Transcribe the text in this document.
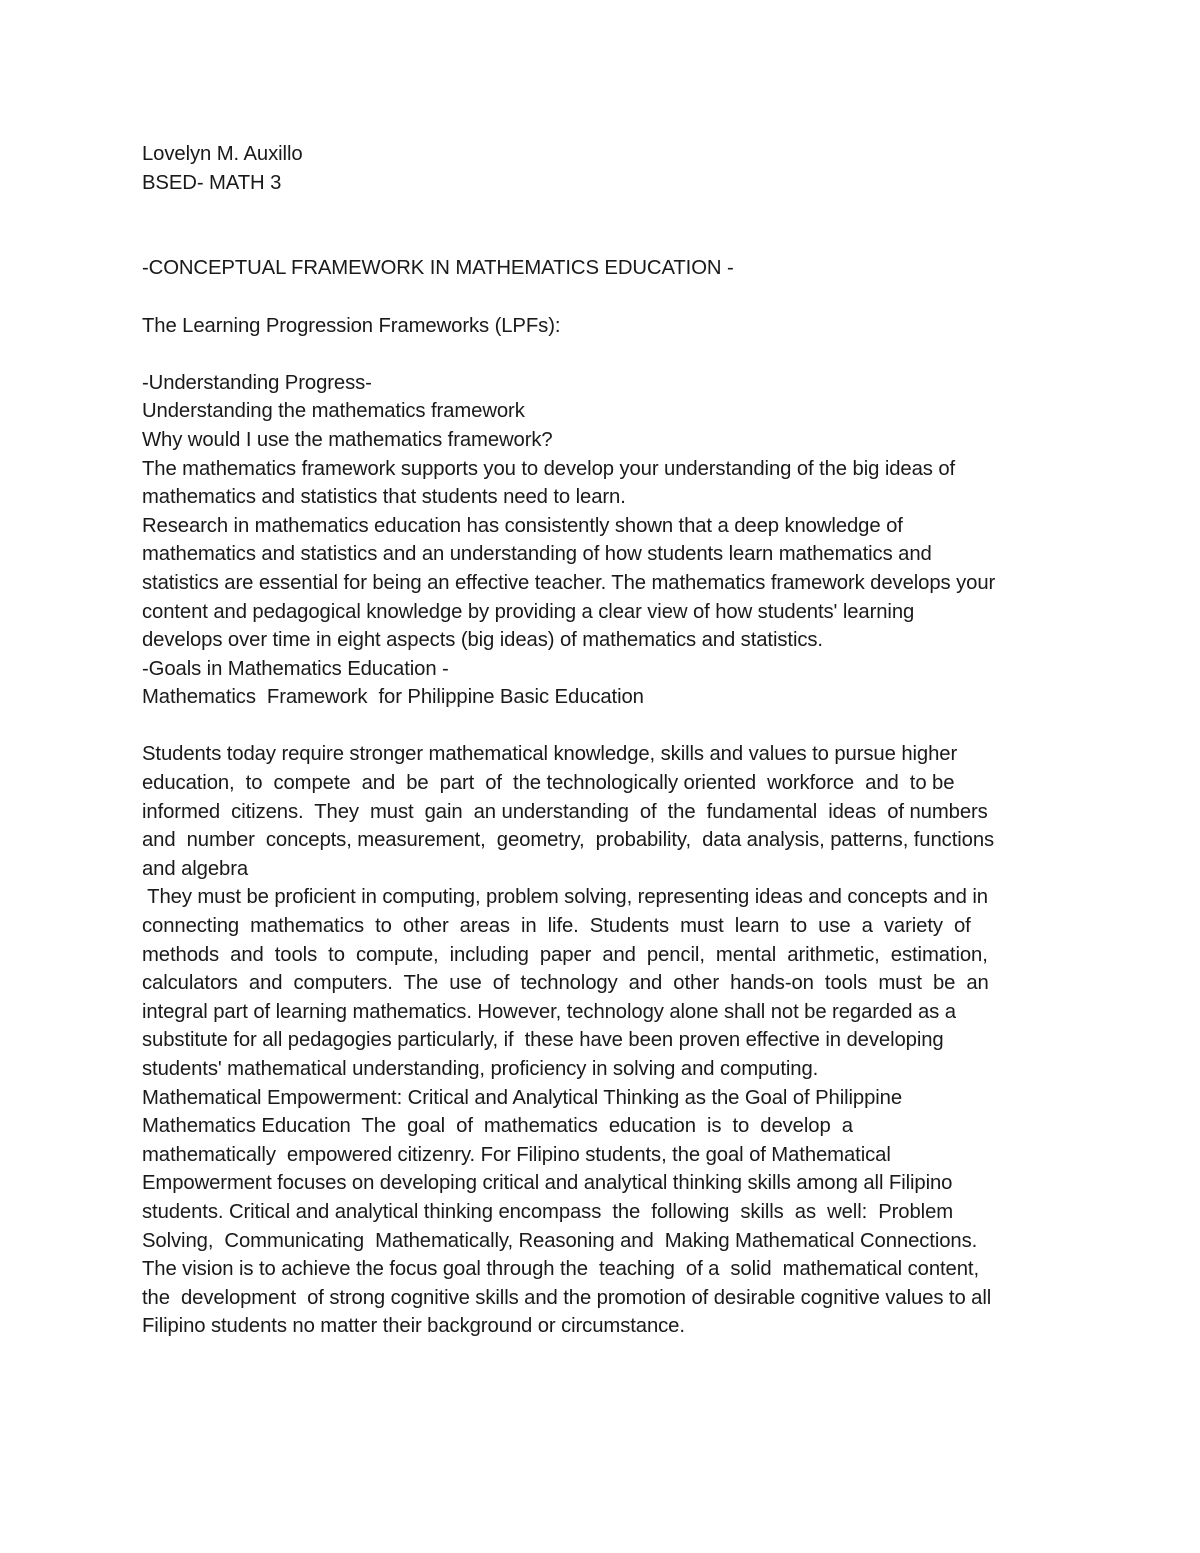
Lovelyn M. Auxillo
BSED- MATH 3
-CONCEPTUAL FRAMEWORK IN MATHEMATICS EDUCATION -
The Learning Progression Frameworks (LPFs):
-Understanding Progress-
Understanding the mathematics framework
Why would I use the mathematics framework?
The mathematics framework supports you to develop your understanding of the big ideas of
mathematics and statistics that students need to learn.
Research in mathematics education has consistently shown that a deep knowledge of
mathematics and statistics and an understanding of how students learn mathematics and
statistics are essential for being an effective teacher. The mathematics framework develops your
content and pedagogical knowledge by providing a clear view of how students' learning
develops over time in eight aspects (big ideas) of mathematics and statistics.
-Goals in Mathematics Education -
Mathematics  Framework  for Philippine Basic Education
Students today require stronger mathematical knowledge, skills and values to pursue higher
education,  to  compete  and  be  part  of  the technologically oriented  workforce  and  to be
informed  citizens.  They  must  gain  an understanding  of  the  fundamental  ideas  of numbers
and  number  concepts, measurement,  geometry,  probability,  data analysis, patterns, functions
and algebra
They must be proficient in computing, problem solving, representing ideas and concepts and in
connecting  mathematics  to  other  areas  in  life.  Students  must  learn  to  use  a  variety  of
methods  and  tools  to  compute,  including  paper  and  pencil,  mental  arithmetic,  estimation,
calculators  and  computers.  The  use  of  technology  and  other  hands-on  tools  must  be  an
integral part of learning mathematics. However, technology alone shall not be regarded as a
substitute for all pedagogies particularly, if  these have been proven effective in developing
students' mathematical understanding, proficiency in solving and computing.
Mathematical Empowerment: Critical and Analytical Thinking as the Goal of Philippine
Mathematics Education  The  goal  of  mathematics  education  is  to  develop  a
mathematically  empowered citizenry. For Filipino students, the goal of Mathematical
Empowerment focuses on developing critical and analytical thinking skills among all Filipino
students. Critical and analytical thinking encompass  the  following  skills  as  well:  Problem
Solving,  Communicating  Mathematically, Reasoning and  Making Mathematical Connections.
The vision is to achieve the focus goal through the  teaching  of a  solid  mathematical content,
the  development  of strong cognitive skills and the promotion of desirable cognitive values to all
Filipino students no matter their background or circumstance.
